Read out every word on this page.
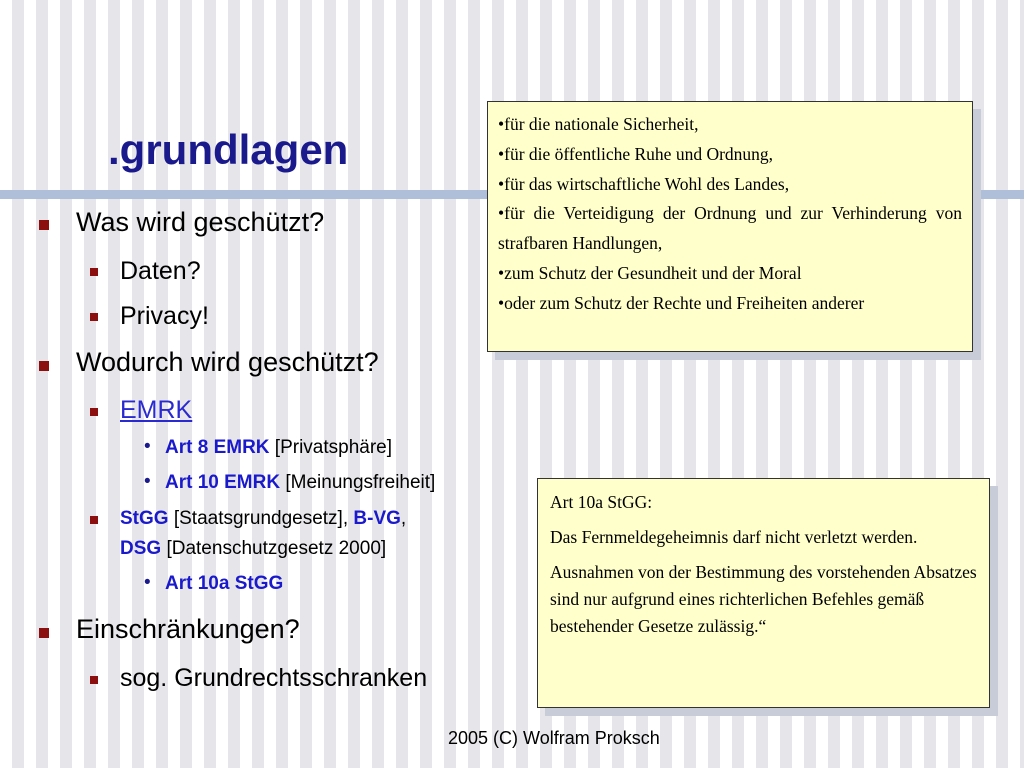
.grundlagen
Was wird geschützt?
Daten?
Privacy!
Wodurch wird geschützt?
EMRK
• Art 8 EMRK [Privatsphäre]
• Art 10 EMRK [Meinungsfreiheit]
StGG [Staatsgrundgesetz], B-VG,
DSG [Datenschutzgesetz 2000]
• Art 10a StGG
Einschränkungen?
sog. Grundrechtsschranken

•für die nationale Sicherheit,

•für die öffentliche Ruhe und Ordnung,

•für das wirtschaftliche Wohl des Landes,

•für die Verteidigung der Ordnung und zur Verhinderung von strafbaren Handlungen,

•zum Schutz der Gesundheit und der Moral

•oder zum Schutz der Rechte und Freiheiten anderer

Art 10a StGG:

Das Fernmeldegeheimnis darf nicht verletzt werden.

Ausnahmen von der Bestimmung des vorstehenden Absatzes sind nur aufgrund eines richterlichen Befehles gemäß bestehender Gesetze zulässig.“

2005 (C) Wolfram Proksch
